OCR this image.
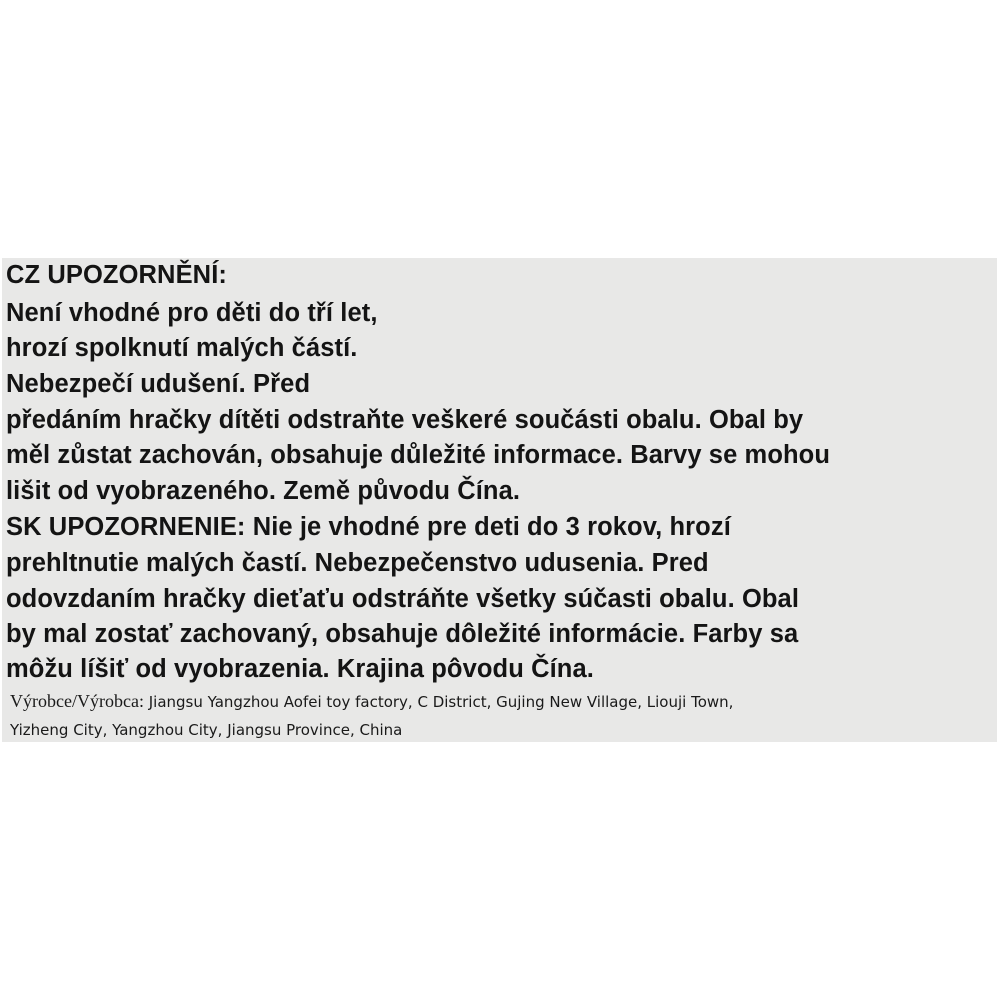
CZ UPOZORNĚNÍ:
Není vhodné pro děti do tří let,
hrozí spolknutí malých částí.
Nebezpečí udušení. Před
předáním hračky dítěti odstraňte veškeré součásti obalu. Obal by
měl zůstat zachován, obsahuje důležité informace. Barvy se mohou
lišit od vyobrazeného. Země původu Čína.
SK UPOZORNENIE: Nie je vhodné pre deti do 3 rokov, hrozí
prehltnutie malých častí. Nebezpečenstvo udusenia. Pred
odovzdaním hračky dieťaťu odstráňte všetky súčasti obalu. Obal
by mal zostať zachovaný, obsahuje dôležité informácie. Farby sa
môžu líšiť od vyobrazenia. Krajina pôvodu Čína.
Výrobce/Výrobca: Jiangsu Yangzhou Aofei toy factory, C District, Gujing New Village, Liouji Town,
Yizheng City, Yangzhou City, Jiangsu Province, China
